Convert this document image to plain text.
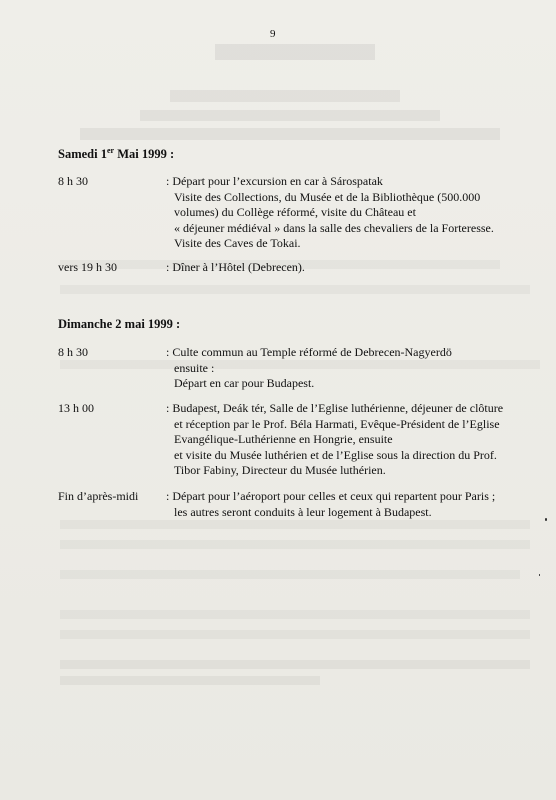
9
Samedi 1er Mai 1999 :
8 h 30	: Départ pour l’excursion en car à Sárospatak
Visite des Collections, du Musée et de la Bibliothèque (500.000
volumes) du Collège réformé, visite du Château et
« déjeuner médiéval » dans la salle des chevaliers de la Forteresse.
Visite des Caves de Tokai.
vers 19 h 30	: Dîner à l’Hôtel (Debrecen).
Dimanche 2 mai 1999 :
8 h 30	: Culte commun au Temple réformé de Debrecen-Nagyerdö
ensuite :
Départ en car pour Budapest.
13 h 00	: Budapest, Deák tér, Salle de l’Eglise luthérienne, déjeuner de clôture
et réception par le Prof. Béla Harmati, Evêque-Président de l’Eglise
Evangélique-Luthérienne en Hongrie, ensuite
et visite du Musée luthérien et de l’Eglise sous la direction du Prof.
Tibor Fabiny, Directeur du Musée luthérien.
Fin d’après-midi	: Départ pour l’aéroport pour celles et ceux qui repartent pour Paris ;
les autres seront conduits à leur logement à Budapest.
